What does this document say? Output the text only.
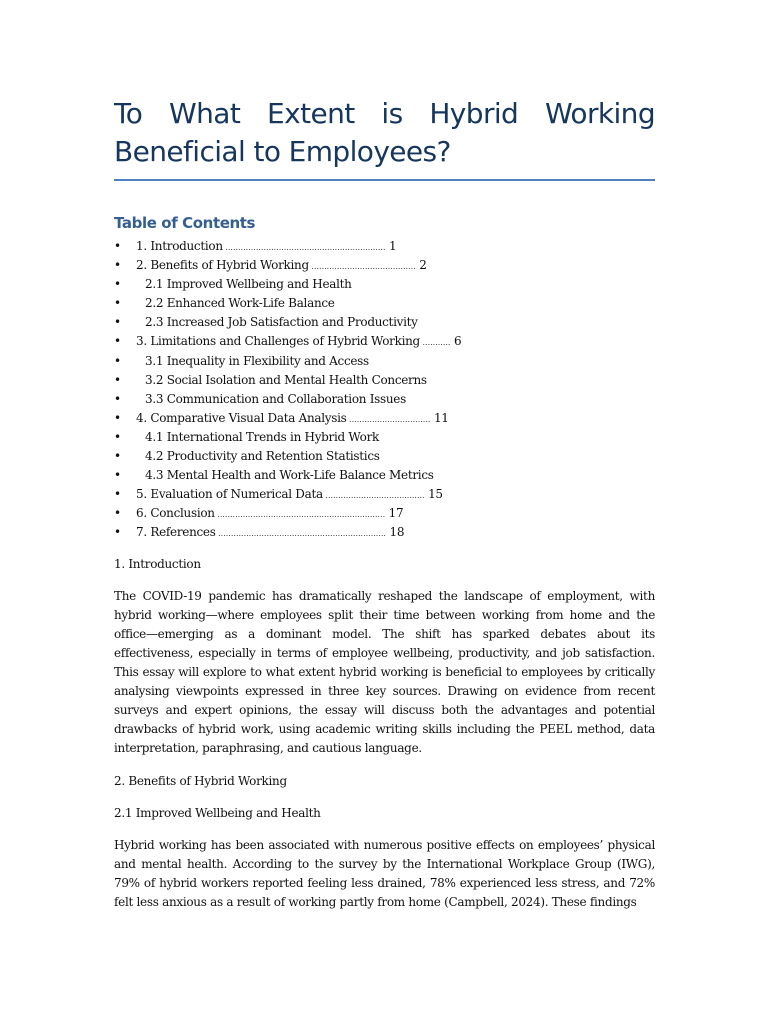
To What Extent is Hybrid Working Beneficial to Employees?
Table of Contents
• 1. Introduction ............................................................... 1
• 2. Benefits of Hybrid Working ......................................... 2
• 2.1 Improved Wellbeing and Health
• 2.2 Enhanced Work-Life Balance
• 2.3 Increased Job Satisfaction and Productivity
• 3. Limitations and Challenges of Hybrid Working ........... 6
• 3.1 Inequality in Flexibility and Access
• 3.2 Social Isolation and Mental Health Concerns
• 3.3 Communication and Collaboration Issues
• 4. Comparative Visual Data Analysis ................................ 11
• 4.1 International Trends in Hybrid Work
• 4.2 Productivity and Retention Statistics
• 4.3 Mental Health and Work-Life Balance Metrics
• 5. Evaluation of Numerical Data ....................................... 15
• 6. Conclusion .................................................................. 17
• 7. References .................................................................. 18

1. Introduction

The COVID-19 pandemic has dramatically reshaped the landscape of employment, with hybrid working—where employees split their time between working from home and the office—emerging as a dominant model. The shift has sparked debates about its effectiveness, especially in terms of employee wellbeing, productivity, and job satisfaction. This essay will explore to what extent hybrid working is beneficial to employees by critically analysing viewpoints expressed in three key sources. Drawing on evidence from recent surveys and expert opinions, the essay will discuss both the advantages and potential drawbacks of hybrid work, using academic writing skills including the PEEL method, data interpretation, paraphrasing, and cautious language.

2. Benefits of Hybrid Working

2.1 Improved Wellbeing and Health

Hybrid working has been associated with numerous positive effects on employees’ physical and mental health. According to the survey by the International Workplace Group (IWG), 79% of hybrid workers reported feeling less drained, 78% experienced less stress, and 72% felt less anxious as a result of working partly from home (Campbell, 2024). These findings
